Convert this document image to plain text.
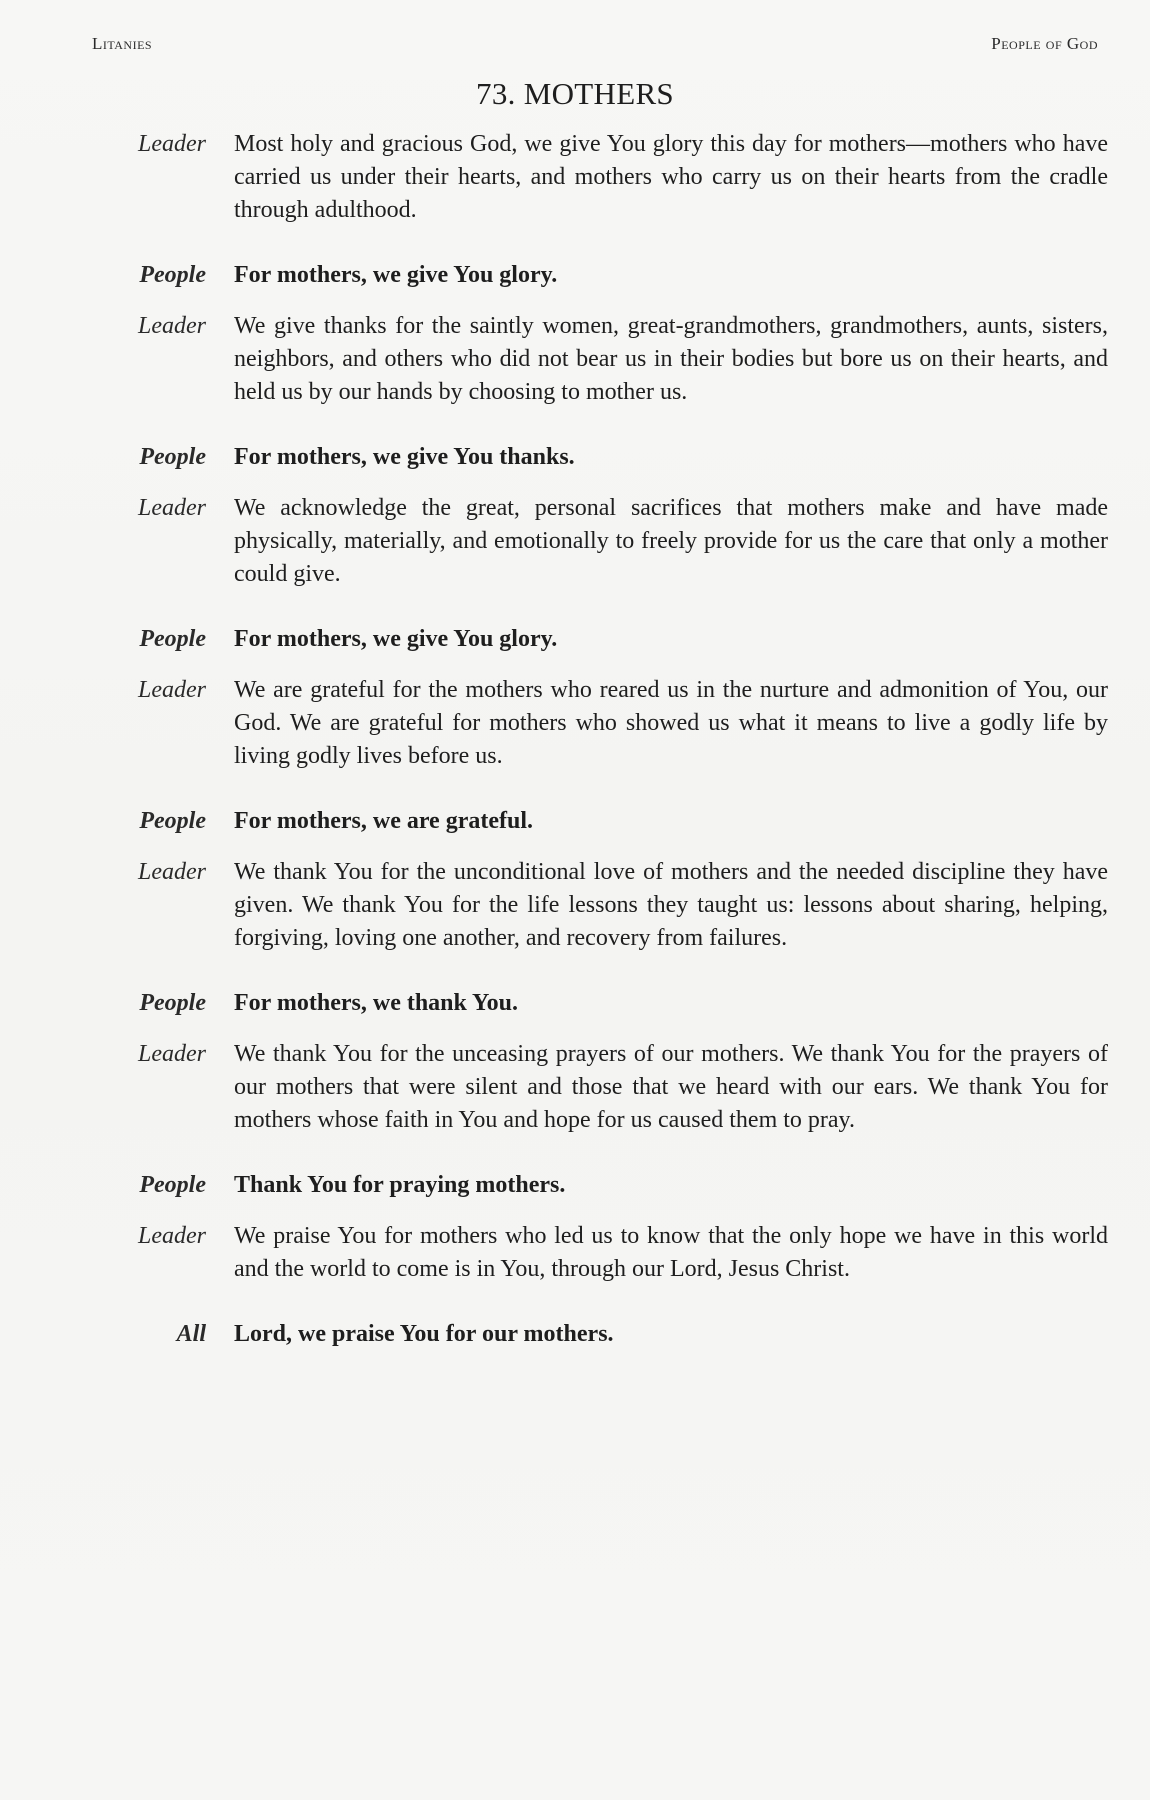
Litanies	People of God
73. MOTHERS
Leader	Most holy and gracious God, we give You glory this day for mothers—mothers who have carried us under their hearts, and mothers who carry us on their hearts from the cradle through adulthood.
People	For mothers, we give You glory.
Leader	We give thanks for the saintly women, great-grandmothers, grandmothers, aunts, sisters, neighbors, and others who did not bear us in their bodies but bore us on their hearts, and held us by our hands by choosing to mother us.
People	For mothers, we give You thanks.
Leader	We acknowledge the great, personal sacrifices that mothers make and have made physically, materially, and emotionally to freely provide for us the care that only a mother could give.
People	For mothers, we give You glory.
Leader	We are grateful for the mothers who reared us in the nurture and admonition of You, our God. We are grateful for mothers who showed us what it means to live a godly life by living godly lives before us.
People	For mothers, we are grateful.
Leader	We thank You for the unconditional love of mothers and the needed discipline they have given. We thank You for the life lessons they taught us: lessons about sharing, helping, forgiving, loving one another, and recovery from failures.
People	For mothers, we thank You.
Leader	We thank You for the unceasing prayers of our mothers. We thank You for the prayers of our mothers that were silent and those that we heard with our ears. We thank You for mothers whose faith in You and hope for us caused them to pray.
People	Thank You for praying mothers.
Leader	We praise You for mothers who led us to know that the only hope we have in this world and the world to come is in You, through our Lord, Jesus Christ.
All	Lord, we praise You for our mothers.
